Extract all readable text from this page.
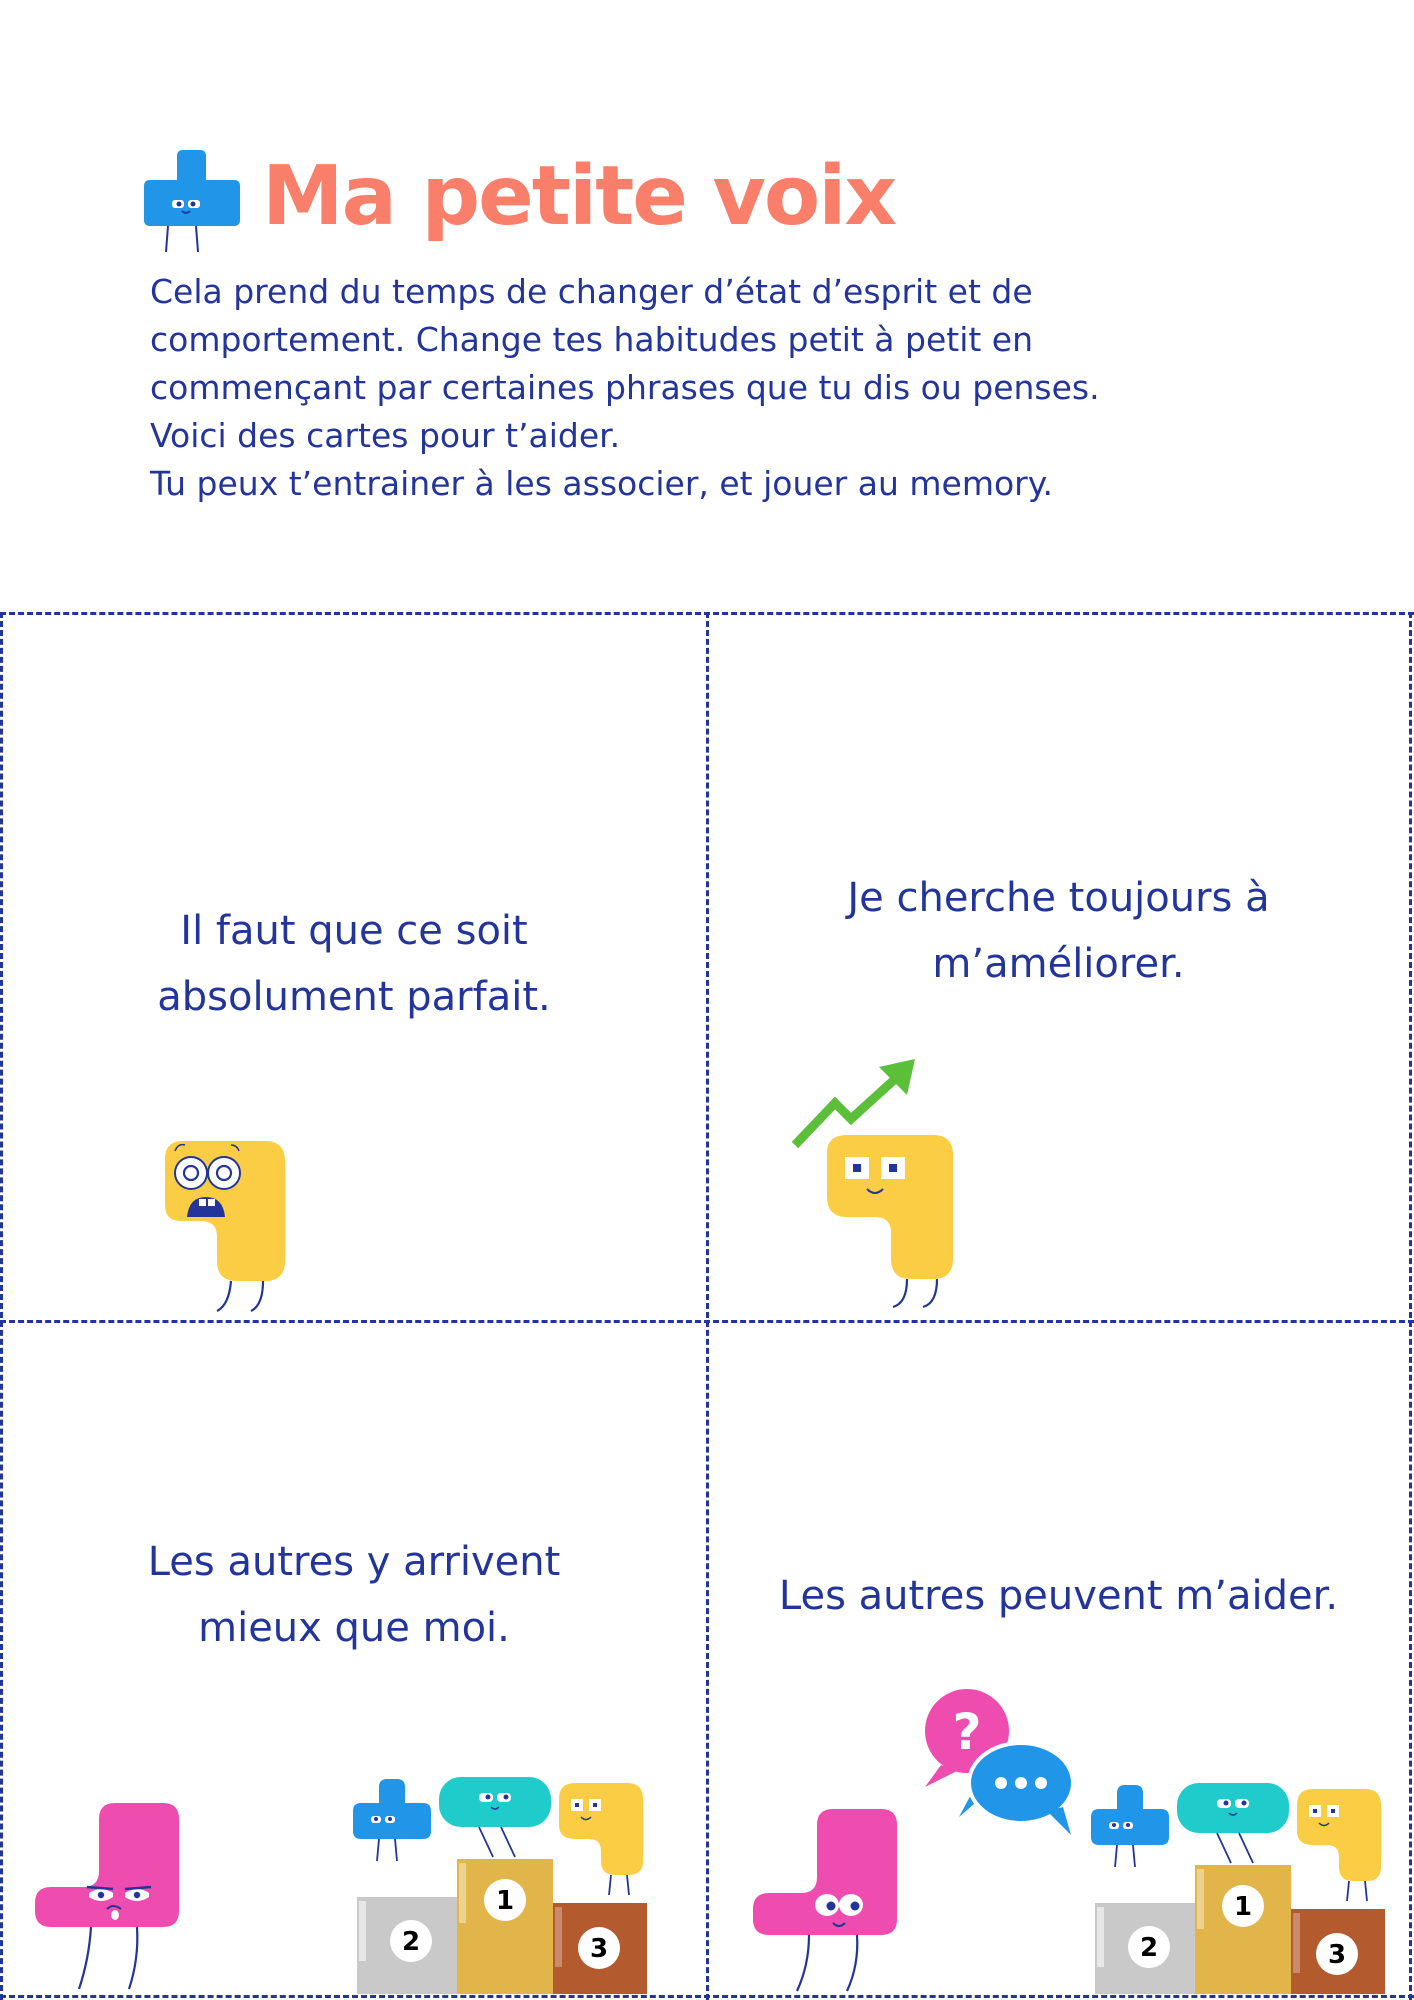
Ma petite voix
Cela prend du temps de changer d’état d’esprit et de
comportement. Change tes habitudes petit à petit en
commençant par certaines phrases que tu dis ou penses.
Voici des cartes pour t’aider.
Tu peux t’entrainer à les associer, et jouer au memory.
Il faut que ce soit
absolument parfait.
Je cherche toujours à
m’améliorer.
Les autres y arrivent
mieux que moi.
1
2	3
Les autres peuvent m’aider.
?
1
2	3
